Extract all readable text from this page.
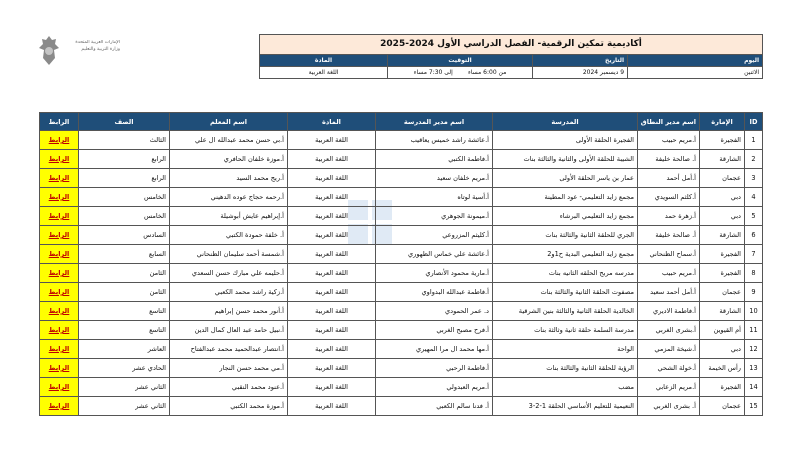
الإمارات العربية المتحدة
وزارة التربية والتعليم	أكاديمية تمكين الرقمية- الفصل الدراسي الأول 2024-2025			
اليوم	التاريخ	التوقيت	المادة
الاثنين	9 ديسمبر 2024	من 6:00 مساء        إلى 7:30 مساء	اللغة العربية
ID	الإمارة	اسم مدير النطاق	المدرسة	اسم مدير المدرسة	المادة	اسم المعلم	الصف	الرابط
1	الفجيرة	أ.مريم حبيب	الفجيرة الحلقة الأولى	أ.عائشة راشد خميس يعاقيب	اللغة العربية	أ.بي حسن محمد عبدالله ال علي	الثالث	الرابط
2	الشارقة	أ. صالحة خليفة	الشيبة للحلقة الأولى والثانية والثالثة بنات	أ.فاطمة الكتبي	اللغة العربية	أ.موزة خلفان الحافري	الرابع	الرابط
3	عجمان	أ.أمل أحمد	عمار بن ياسر الحلقة الأولى	أ.مريم خلفان سعيد	اللغة العربية	أ.ريج محمد السيد	الرابع	الرابط
4	دبي	أ.كلثم السويدي	مجمع زايد التعليمي- عود المطينة	أ.أسية لوتاه	اللغة العربية	أ.رحمه حجاج عوده الدهيني	الخامس	الرابط
5	دبي	أ.زهرة حمد	مجمع زايد التعليمي البرشاء	أ.ميمونة الجوهري	اللغة العربية	أ.إبراهيم عايش أبوشيلة	الخامس	الرابط
6	الشارقة	أ. صالحة خليفة	الجري للحلقة الثانية والثالثة بنات	أ.كليثم المزروعي	اللغة العربية	أ. خلفة حمودة الكتبي	السادس	الرابط
7	الفجيرة	أ.سماح الظنحاني	مجمع زايد التعليمي البدية ح1و2	أ.عائشة علي خماس الظهوري	اللغة العربية	أ.شمسة أحمد سليمان الظنحاني	السابع	الرابط
8	الفجيرة	أ.مريم حبيب	مدرسه مربح الحلقه الثانيه بنات	أ.مارية محمود الأنصاري	اللغة العربية	أ.حليمه علي مبارك حسن السعدي	الثامن	الرابط
9	عجمان	أ.أمل أحمد سعيد	مصفوت الحلقة الثانية والثالثة بنات	أ.فاطمة عبدالله البدواوي	اللغة العربية	أ.زكية راشد محمد الكعبي	الثامن	الرابط
10	الشارقة	أ.فاطمة الاديري	الخالدية الحلقة الثانية والثالثة بنين الشرقية	د. عمر الحمودي	اللغة العربية	أ.أنور محمد حسن إبراهيم	التاسع	الرابط
11	أم القيوين	أ.بشرى الغربي	مدرسة السلمة حلقة ثانية وثالثة بنات	أ.فرح مصبح الغربي	اللغة العربية	أ.نبيل حامد عبد العال كمال الدين	التاسع	الرابط
12	دبي	أ.شيخة المزمي	الواحة	أ.مها محمد ال مرا المهيري	اللغة العربية	أ.انتصار عبدالحميد محمد عبدالفتاح	العاشر	الرابط
13	رأس الخيمة	أ.خولة الشحي	الرؤية للحلقة الثانية والثالثة بنات	أ.فاطمة الرحبي	اللغة العربية	أ.مي محمد حسن النجار	الحادي عشر	الرابط
14	الفجيرة	أ.مريم الزعابي	مضب	أ.مريم العبدولي	اللغة العربية	أ.عنود محمد النقبي	الثاني عشر	الرابط
15	عجمان	أ. بشرى الغربي	النعيمية للتعليم الأساسي الحلقة 1-2-3	أ. فدنا سالم الكعبي	اللغة العربية	أ.موزة محمد الكتبي	الثاني عشر	الرابط
